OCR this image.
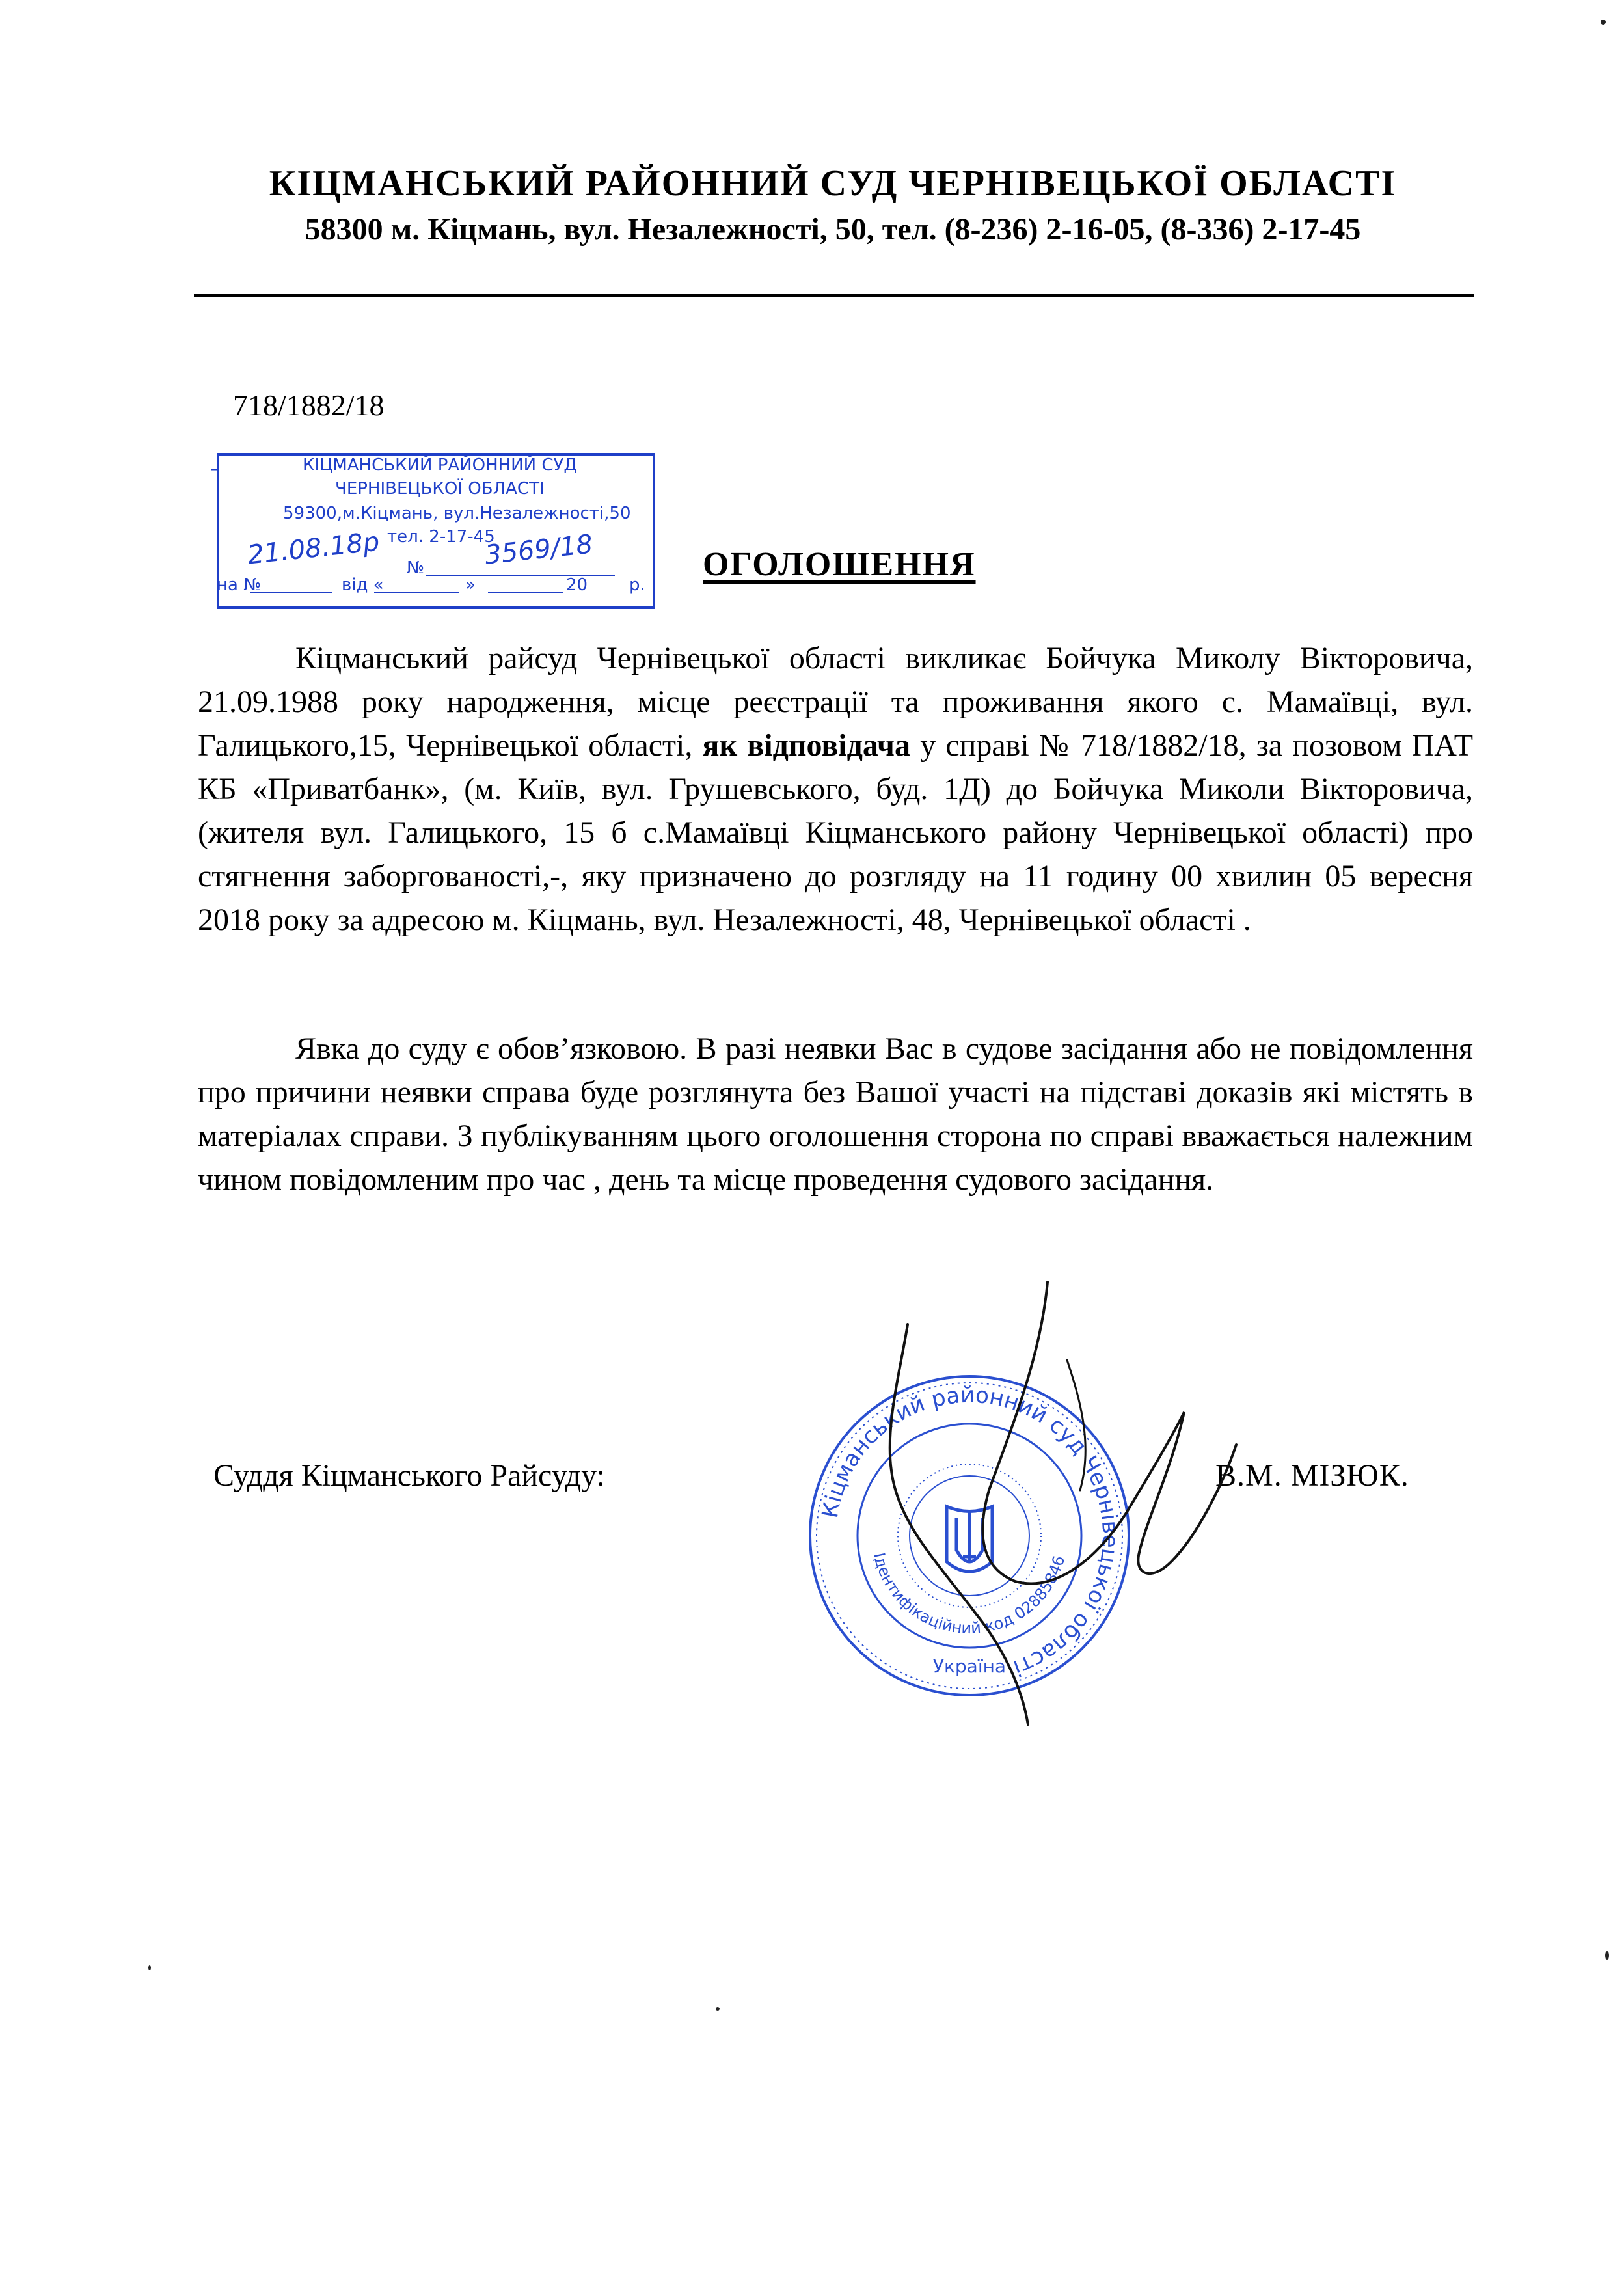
КІЦМАНСЬКИЙ РАЙОННИЙ СУД ЧЕРНІВЕЦЬКОЇ ОБЛАСТІ
58300 м. Кіцмань, вул. Незалежності, 50, тел. (8-236) 2-16-05, (8-336) 2-17-45
718/1882/18
КІЦМАНСЬКИЙ РАЙОННИЙ СУД
ЧЕРНІВЕЦЬКОЇ ОБЛАСТІ
59300,м.Кіцмань, вул.Незалежності,50
тел. 2-17-45
на №	від «	»	20 р.
№
21.08.18р	3569/18	ОГОЛОШЕННЯ

Кіцманський райсуд Чернівецької області викликає Бойчука Миколу Вікторовича, 21.09.1988 року народження, місце реєстрації та проживання якого с. Мамаївці, вул. Галицького,15, Чернівецької області, як відповідача у справі № 718/1882/18, за позовом ПАТ КБ «Приватбанк», (м. Київ, вул. Грушевського, буд. 1Д) до Бойчука Миколи Вікторовича,(жителя вул. Галицького, 15 б с.Мамаївці Кіцманського району Чернівецької області) про стягнення заборгованості,-, яку призначено до розгляду на 11 годину 00 хвилин 05 вересня 2018 року за адресою м. Кіцмань, вул. Незалежності, 48, Чернівецької області .

Явка до суду є обов’язковою. В разі неявки Вас в судове засідання або не повідомлення про причини неявки справа буде розглянута без Вашої участі на підставі доказів які містять в матеріалах справи. З публікуванням цього оголошення сторона по справі вважається належним чином повідомленим про час , день та місце проведення судового засідання.

Суддя Кіцманського Райсуду:	В.М. МІЗЮК.
Кіцманський районний суд Чернівецької області
Ідентифікаційний код 02885846
Україна
